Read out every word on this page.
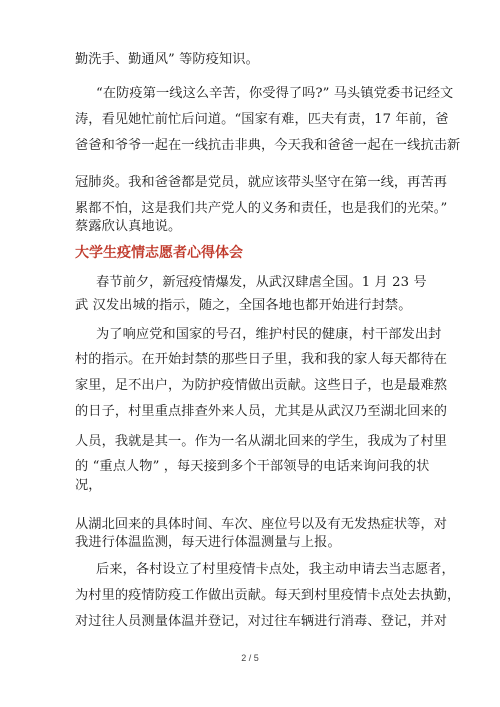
勤洗手、勤通风” 等防疫知识。
“在防疫第一线这么辛苦，你受得了吗?” 马头镇党委书记经文
涛，看见她忙前忙后问道。“国家有难，匹夫有责，17 年前，爸
爸爸和爷爷一起在一线抗击非典，今天我和爸爸一起在一线抗击新
冠肺炎。我和爸爸都是党员，就应该带头坚守在第一线，再苦再
累都不怕，这是我们共产党人的义务和责任，也是我们的光荣。”
蔡露欣认真地说。
大学生疫情志愿者心得体会
春节前夕，新冠疫情爆发，从武汉肆虐全国。1 月 23 号
武 汉发出城的指示，随之，全国各地也都开始进行封禁。
为了响应党和国家的号召，维护村民的健康，村干部发出封
村的指示。在开始封禁的那些日子里，我和我的家人每天都待在
家里，足不出户，为防护疫情做出贡献。这些日子，也是最难熬
的日子，村里重点排查外来人员，尤其是从武汉乃至湖北回来的
人员，我就是其一。作为一名从湖北回来的学生，我成为了村里
的 “重点人物” ，每天接到多个干部领导的电话来询问我的状
况，
从湖北回来的具体时间、车次、座位号以及有无发热症状等，对
我进行体温监测，每天进行体温测量与上报。
后来，各村设立了村里疫情卡点处，我主动申请去当志愿者，
为村里的疫情防疫工作做出贡献。每天到村里疫情卡点处去执勤，
对过往人员测量体温并登记，对过往车辆进行消毒、登记，并对
2 / 5
